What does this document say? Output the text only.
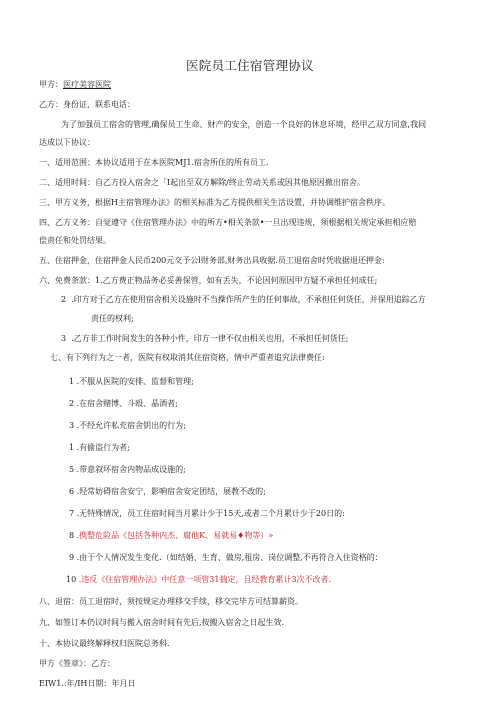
医院员工住宿管理协议
甲方：医疗美容医院
乙方：身份证，联系电话：
为了加强员工宿舍的管理,确保员工生命、财产的安全，创造一个良好的休息环境，经甲乙双方同意,我同
达成以下协议：
一、适用范围：本协议适用于在本医院MJ1.宿舍所住的所有员工.
二、适用时间：自乙方投入宿舍之「I起出至双方解除/终止劳动关系或因其他原因撤出宿舍。
三、甲方义务，根据H主宿管理办法》的相关标准为乙方提供相关生活设置，并协调维护宿舍秩序。
四、乙方义务：自觉遵守《住宿管理办法》中的所方•相关条款•一旦出现违规，须根据相关规定承担相应赔
偿责任和处罚结果。
五、住宿押金，住宿押金人民币200元交予公l财务部,财务出具收据.员工退宿舍时凭收据退还押金:
六、免费条款：1.乙方费正物品务必妥善保管，如有丢失，不论因何原因甲方疑不承担任何成任;
2 .印方对于乙方在使用宿舍相关设施时不当操作所产生的任何事故，不承担任何货任，并保用追踪乙方
责任的权利;
3 .乙方非工作时间发生的各种小件，印方一律不仅由相关也用，不承担任何货任;
七、有下列行为之一者，医院有权取消其住宿资格，情中严重者追究法律费任:
1 .不服从医院的安排、监督和管理;
2 .在宿舍赌博、斗殴、晶酒者;
3 .不经允许私充宿舍钥出的行为;
1 .有偷盗行为者;
5 .带意叙坏宿舍内物品成设施的;
6 .羟常妨碍宿舍安宁，影响宿舍安定团结，展教不改的;
7 .无特殊情况，员工住宿时间当月累计少于15天,或者二个月累计少于20日的:
8 .携整危险品《包括各种内杰、腐他K、易就易♦物等）»
9 .由于个人情况发生变化.（如结婚、生育、做房,租房、岗位调整,不再符合入住资格的：
10 .违反《住宿管理办法》中任意一项管31揣定，且经教育累计3次不改者.
八、退宿：员工退宿时，须按规定办理移交手续，移交完毕方可结算薪资。
九、如签订本仍议时间与搬入宿舍时间有先后,按搬入宿舍之日起生效.
十、本协议最终解释权归医院总务科.
甲方《签章》：乙方：
EIW1.:年/IH日期：年月日
